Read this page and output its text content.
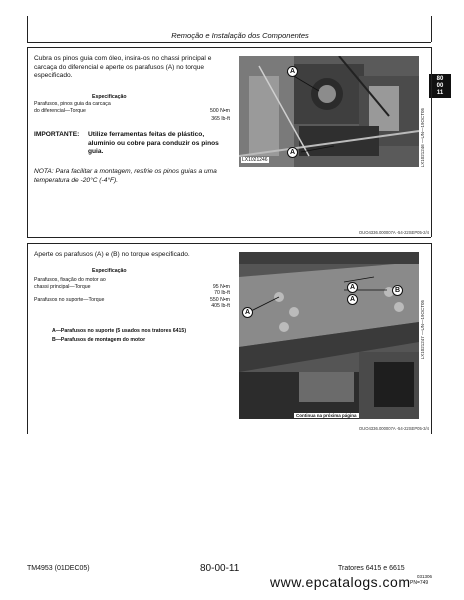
Remoção e Instalação dos Componentes
80
00
11
Cubra os pinos guia com óleo, insira-os no chassi principal e carcaça do diferencial e aperte os parafusos (A) no torque especificado.
Especificação
Parafusos, pinos guia da carcaça
do diferencial—Torque	500 N•m
365 lb-ft
IMPORTANTE:	Utilize ferramentas feitas de plástico, alumínio ou cobre para conduzir os pinos guia.
NOTA: Para facilitar a montagem, resfrie os pinos guias a uma temperatura de -20°C (-4°F).
A
A
LX1021246	LX1021246 —UN—19OCT05
OUO4336.000007A -54-22SEP05-2/4
Aperte os parafusos (A) e (B) no torque especificado.
Especificação
Parafusos, fixação do motor ao
chassi principal—Torque	95 N•m
70 lb-ft
Parafusos no suporte—Torque	550 N•m
405 lb-ft
A—Parafusos no suporte (5 usados nos tratores 6415)
B—Parafusos de montagem do motor
A
A
B
A
Continua na próxima página
LX1021247 —UN—19OCT05
OUO4336.000007A -54-22SEP05-3/4
TM4953 (01DEC05)	80-00-11	Tratores 6415 e 6615
031306
PN=749
www.epcatalogs.com
